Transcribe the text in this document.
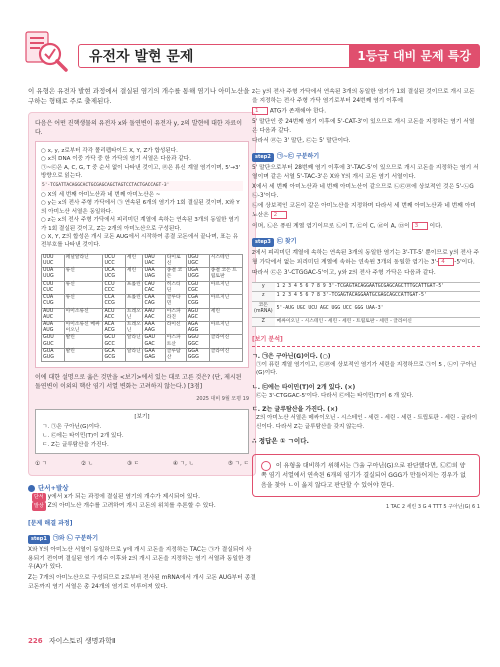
유전자 발현 문제	1등급 대비 문제 특강
이 유형은 유전자 발현 과정에서 결실된 염기의 개수를 통해 염기나 아미노산을 구하는 형태로 주로 출제된다.
다음은 어떤 진핵생물의 유전자 x와 돌연변이 유전자 y, z의 발현에 대한 자료이다.
○ x, y, z로부터 각각 폴리펩타이드 X, Y, Z가 합성된다.
○ x의 DNA 이중 가닥 중 한 가닥의 염기 서열은 다음과 같다.
㉠~㉢은 A, C, G, T 중 순서 없이 나타낸 것이고, ㉣은 류신 계열 염기이며, 5'→3' 방향으로 읽는다.
5'-TCGATTACAGGCACTGCGAGCAGCTAGTCCTACTGACCAGT-3'
○ X의 세 번째 아미노산과 네 번째 아미노산은 ~
○ y는 x의 전사 주형 가닥에서 ㉠ 연속된 6개의 염기가 1회 결실된 것이며, X와 Y의 아미노산 서열은 동일하다.
○ z는 x의 전사 주형 가닥에서 피리미딘 계열에 속하는 연속된 3개의 동일한 염기가 1회 결실된 것이고, Z는 2개의 아미노산으로 구성된다.
○ X, Y, Z의 합성은 개시 코돈 AUG에서 시작하여 종결 코돈에서 끝나며, 표는 유전부호를 나타낸 것이다.
UUU UUC	페닐알라닌	UCU UCC	세린	UAU UAC	타이로신	UGU UGC	시스테인
UUA UUG	류신	UCA UCG	세린	UAA UAG	종결 코돈	UGA UGG	종결 코돈 트립토판
CUU CUC	류신	CCU CCC	프롤린	CAU CAC	히스티딘	CGU CGC	아르지닌
CUA CUG	류신	CCA CCG	프롤린	CAA CAG	글루타민	CGA CGG	아르지닌
AUU AUC	아이소류신	ACU ACC	트레오닌	AAU AAC	아스파라진	AGU AGC	세린
AUA AUG	아이소류신 메싸이오닌	ACA ACG	트레오닌	AAA AAG	라이신	AGA AGG	아르지닌
GUU GUC	발린	GCU GCC	알라닌	GAU GAC	아스파트산	GGU GGC	글라이신
GUA GUG	발린	GCA GCG	알라닌	GAA GAG	글루탐산	GGA GGG	글라이신
이에 대한 설명으로 옳은 것만을 <보기>에서 있는 대로 고른 것은? (단, 제시된 돌연변이 이외의 핵산 염기 서열 변화는 고려하지 않는다.) [3점]
2025 대비 9월 모평 19
[보기]
ㄱ. ㉠은 구아닌(G)이다.
ㄴ. ㉢에는 타이민(T)이 2개 있다.
ㄷ. Z는 글루탐산을 가진다.
① ㄱ	② ㄴ	③ ㄷ	④ ㄱ, ㄴ	⑤ ㄱ, ㄷ
단서+발상
단서 y에서 x가 되는 과정에 결실된 염기의 개수가 제시되어 있다.
발상 Z의 아미노산 개수를 고려하여 개시 코돈의 위치를 추론할 수 있다.
[문제 해결 과정]
step1 ㉠와 ㉡ 구분하기
X와 Y의 아미노산 서열이 동일하므로 y에 개시 코돈을 지정하는 TAC는 ㉠가 결실되어 사용되기 전이며 결실된 염기 개수 이후와 z의 개시 코돈을 지정하는 염기 서열과 동일한 경우(A)가 있다.
Z는 7개의 아미노산으로 구성되므로 z로부터 전사된 mRNA에서 개시 코돈 AUG부터 종결 코돈까지 염기 서열은 총 24개의 염기로 이루어져 있다.
z는 y의 전사 주형 가닥에서 연속된 3개의 동일한 염기가 1회 결실된 것이므로 개시 코돈을 지정하는 전사 주형 가닥 염기로부터 24번째 염기 이후에
1 ATG가 존재해야 한다.
5' 말단인 중 24번째 염기 이후에 5'-CAT-3'이 있으므로 개시 코돈을 지정하는 염기 서열은 다음과 같다.
다라서 ㉣는 3' 말단, ㉢는 5' 말단이다.
step2 ㉠~㉢ 구분하기
5' 말단으로부터 28번째 염기 이후에 3'-TAC-5'이 있으므로 개시 코돈을 지정하는 염기 서열이며 같은 서열 5'-TAC-3'은 X와 Y의 개시 코돈 염기 서열이다.
X에서 세 번째 아미노산과 네 번째 아미노산이 같으므로 ㉡㉢㉣에 상보적인 것은 5'-㉡G㉡-3'이다.
㉡에 상보적인 코돈이 같은 아미노산을 지정하며 다라서 세 번째 아미노산과 네 번째 아미노산은 2
이며, ㉡은 퓨린 계열 염기이므로 ㉡이 T, ㉢이 C, ㉣이 A, ㉤이 3 이다.
step3 ㉢ 찾기
z에서 피리미딘 계열에 속하는 연속된 3개의 동일한 염기는 3'-TT-5' 뿐이므로 y의 전사 주형 가닥에서 없는 피리미딘 계열에 속하는 연속된 3개의 동일한 염기는 3'- 4 -5'이다.
따라서 ㉢은 3'-CTGGAC-5'이고, y와 z의 전사 주형 가닥은 다음과 같다.
y	1 2 3 4 5 6 7 8 9 3'-TCGAGTACAGGAATGCGAGCAGCTTTGCATTGAT-5'
z	1 2 3 4 5 6 7 8 3'-TCGAGTACAGGAATGCGAGCAGCCATTGAT-5'
코돈 (mRNA)	5'-AUG UGC UCU AGC UGG UCC GGG UAA-3'
Z	메싸이오닌 - 시스테인 - 세린 - 세린 - 트립토판 - 세린 - 글라이신
[보기 분석]
ㄱ. ㉠은 구아닌(G)이다. (○)
㉠이 퓨린 계열 염기이고, ㉢㉣에 상보적인 염기가 세린을 지정하므로 ㉠이 5 , ㉡이 구아닌(G)이다.
ㄴ. ㉢에는 타이민(T)이 2개 있다. (×)
㉢는 3'-CTGGAC-5'이다. 다라서 ㉢에는 타이민(T)이 6 개 있다.
ㄷ. Z는 글루탐산을 가진다. (×)
Z의 아미노산 서열은 메싸이오닌 - 시스테인 - 세린 - 세린 - 세린 - 트립토판 - 세린 - 글라이신이다. 다라서 Z는 글루탐산을 갖지 않는다.
∴ 정답은 ① ㄱ이다.
이 유형을 대비하기 위해서는 ㉠을 구아닌(G)으로 판단했다면, ㉡㉢의 양쪽 염기 서열에서 연속된 6개의 염기가 결실되어 GGG가 만들어지는 경우가 없음을 찾아 ㄴ이 옳지 않다고 판단할 수 있어야 한다.
1 TAC 2 세린 3 G 4 TTT 5 구아닌(G) 6 1
226 자이스토리 생명과학Ⅱ
